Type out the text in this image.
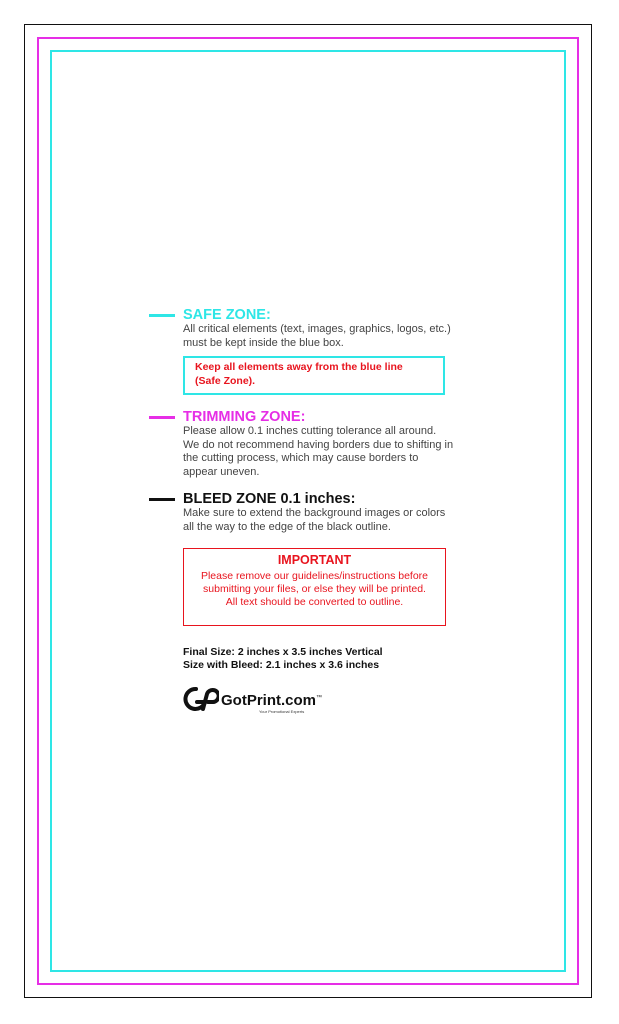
SAFE ZONE:

All critical elements (text, images, graphics, logos, etc.)

must be kept inside the blue box.

Keep all elements away from the blue line

(Safe Zone).

TRIMMING ZONE:

Please allow 0.1 inches cutting tolerance all around.

We do not recommend having borders due to shifting in

the cutting process, which may cause borders to

appear uneven.

BLEED ZONE 0.1 inches:

Make sure to extend the background images or colors

all the way to the edge of the black outline.

IMPORTANT

Please remove our guidelines/instructions before

submitting your files, or else they will be printed.

All text should be converted to outline.

Final Size: 2 inches x 3.5 inches Vertical

Size with Bleed: 2.1 inches x 3.6 inches

GotPrint.com™

Your Promotional Experts
